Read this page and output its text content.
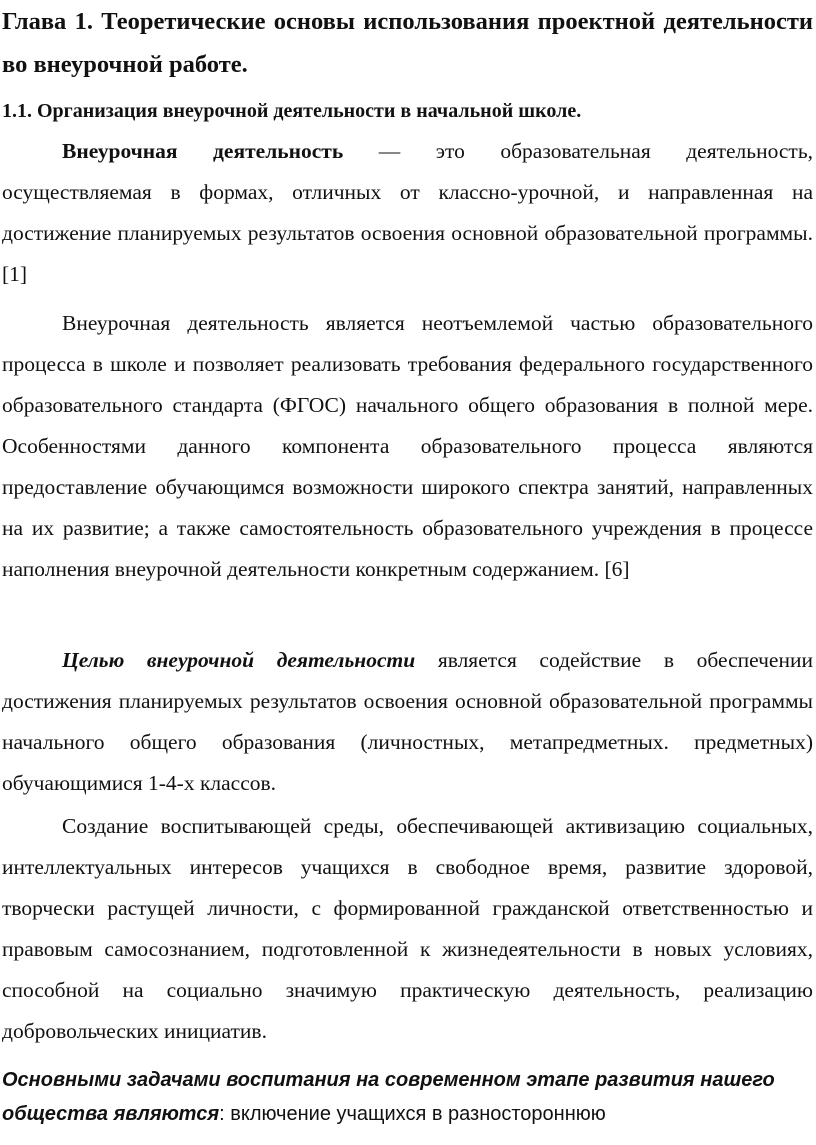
Глава 1. Теоретические основы использования проектной деятельности во внеурочной работе.
1.1. Организация внеурочной деятельности в начальной школе.
Внеурочная деятельность — это образовательная деятельность, осуществляемая в формах, отличных от классно-урочной, и направленная на достижение планируемых результатов освоения основной образовательной программы. [1]
Внеурочная деятельность является неотъемлемой частью образовательного процесса в школе и позволяет реализовать требования федерального государственного образовательного стандарта (ФГОС) начального общего образования в полной мере. Особенностями данного компонента образовательного процесса являются предоставление обучающимся возможности широкого спектра занятий, направленных на их развитие; а также самостоятельность образовательного учреждения в процессе наполнения внеурочной деятельности конкретным содержанием. [6]
Целью внеурочной деятельности является содействие в обеспечении достижения планируемых результатов освоения основной образовательной программы начального общего образования (личностных, метапредметных. предметных) обучающимися 1-4-х классов.
Создание воспитывающей среды, обеспечивающей активизацию социальных, интеллектуальных интересов учащихся в свободное время, развитие здоровой, творчески растущей личности, с формированной гражданской ответственностью и правовым самосознанием, подготовленной к жизнедеятельности в новых условиях, способной на социально значимую практическую деятельность, реализацию добровольческих инициатив.
Основными задачами воспитания на современном этапе развития нашего общества являются: включение учащихся в разностороннюю
